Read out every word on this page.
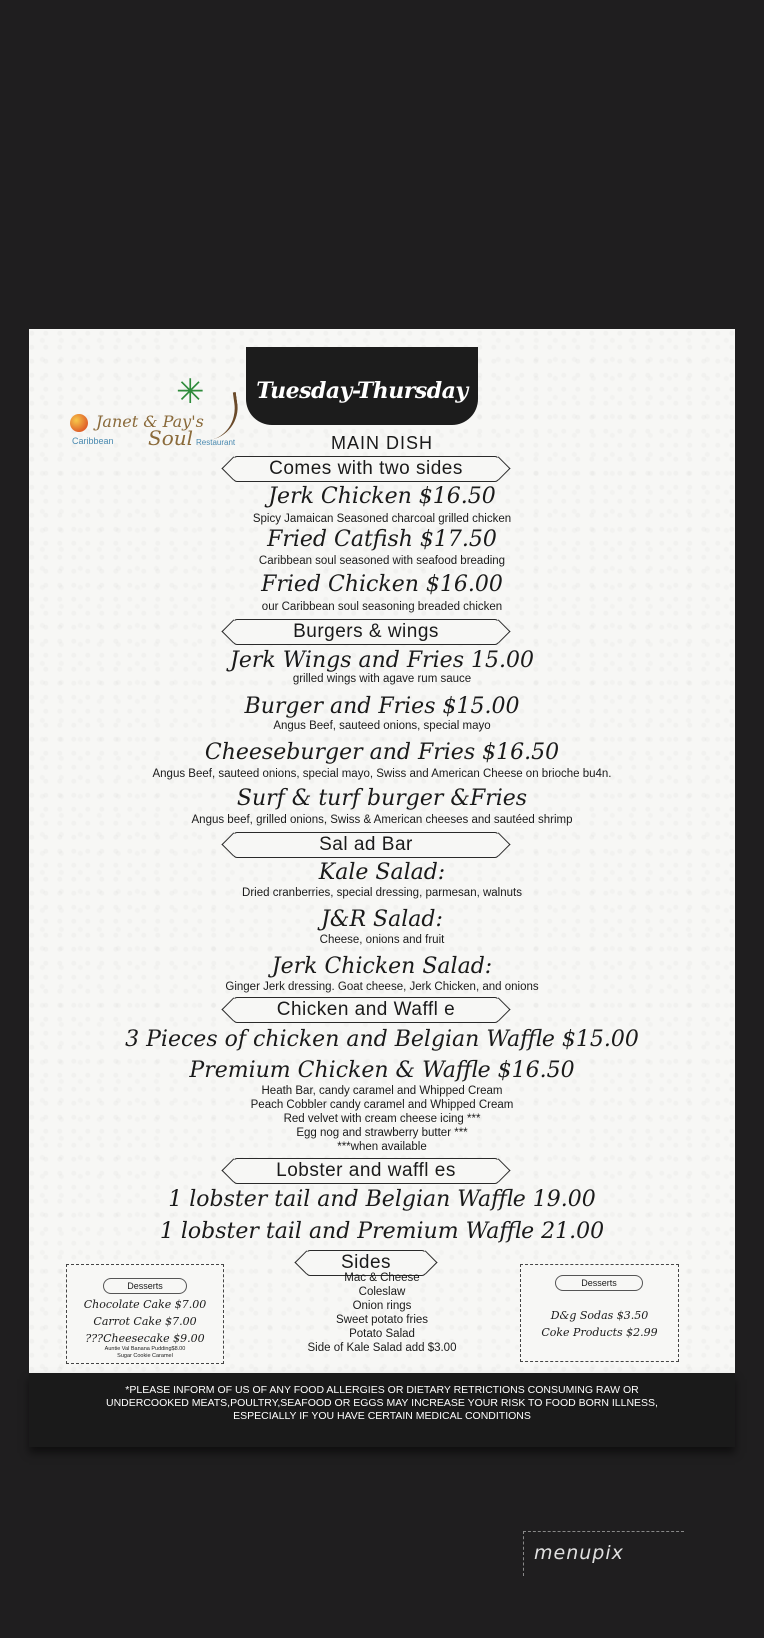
✳
Janet & Pay's
Caribbean Soul Restaurant
Tuesday-Thursday
MAIN DISH
Comes with two sides
Jerk Chicken $16.50
Spicy Jamaican Seasoned charcoal grilled chicken
Fried Catfish $17.50
Caribbean soul seasoned with seafood breading
Fried Chicken $16.00
our Caribbean soul seasoning breaded chicken
Burgers & wings
Jerk Wings and Fries 15.00
grilled wings with agave rum sauce
Burger and Fries $15.00
Angus Beef, sauteed onions, special mayo
Cheeseburger and Fries $16.50
Angus Beef, sauteed onions, special mayo, Swiss and American Cheese on brioche bu4n.
Surf & turf burger &Fries
Angus beef, grilled onions, Swiss & American cheeses and sautéed shrimp
Sal ad Bar
Kale Salad:
Dried cranberries, special dressing, parmesan, walnuts
J&R Salad:
Cheese, onions and fruit
Jerk Chicken Salad:
Ginger Jerk dressing. Goat cheese, Jerk Chicken, and onions
Chicken and Waffl e
3 Pieces of chicken and Belgian Waffle $15.00
Premium Chicken & Waffle $16.50
Heath Bar, candy caramel and Whipped Cream
Peach Cobbler candy caramel and Whipped Cream
Red velvet with cream cheese icing ***
Egg nog and strawberry butter ***
***when available
Lobster and waffl es
1 lobster tail and Belgian Waffle 19.00
1 lobster tail and Premium Waffle 21.00
Sides
Mac & Cheese
Coleslaw
Onion rings
Sweet potato fries
Potato Salad
Side of Kale Salad add $3.00
Desserts
Chocolate Cake $7.00
Carrot Cake $7.00
???Cheesecake $9.00
Auntie Val Banana Pudding$8.00
Sugar Cookie Caramel
Desserts
D&g Sodas $3.50
Coke Products $2.99
*PLEASE INFORM OF US OF ANY FOOD ALLERGIES OR DIETARY RETRICTIONS CONSUMING RAW OR
UNDERCOOKED MEATS,POULTRY,SEAFOOD OR EGGS MAY INCREASE YOUR RISK TO FOOD BORN ILLNESS,
ESPECIALLY IF YOU HAVE CERTAIN MEDICAL CONDITIONS
menupix
